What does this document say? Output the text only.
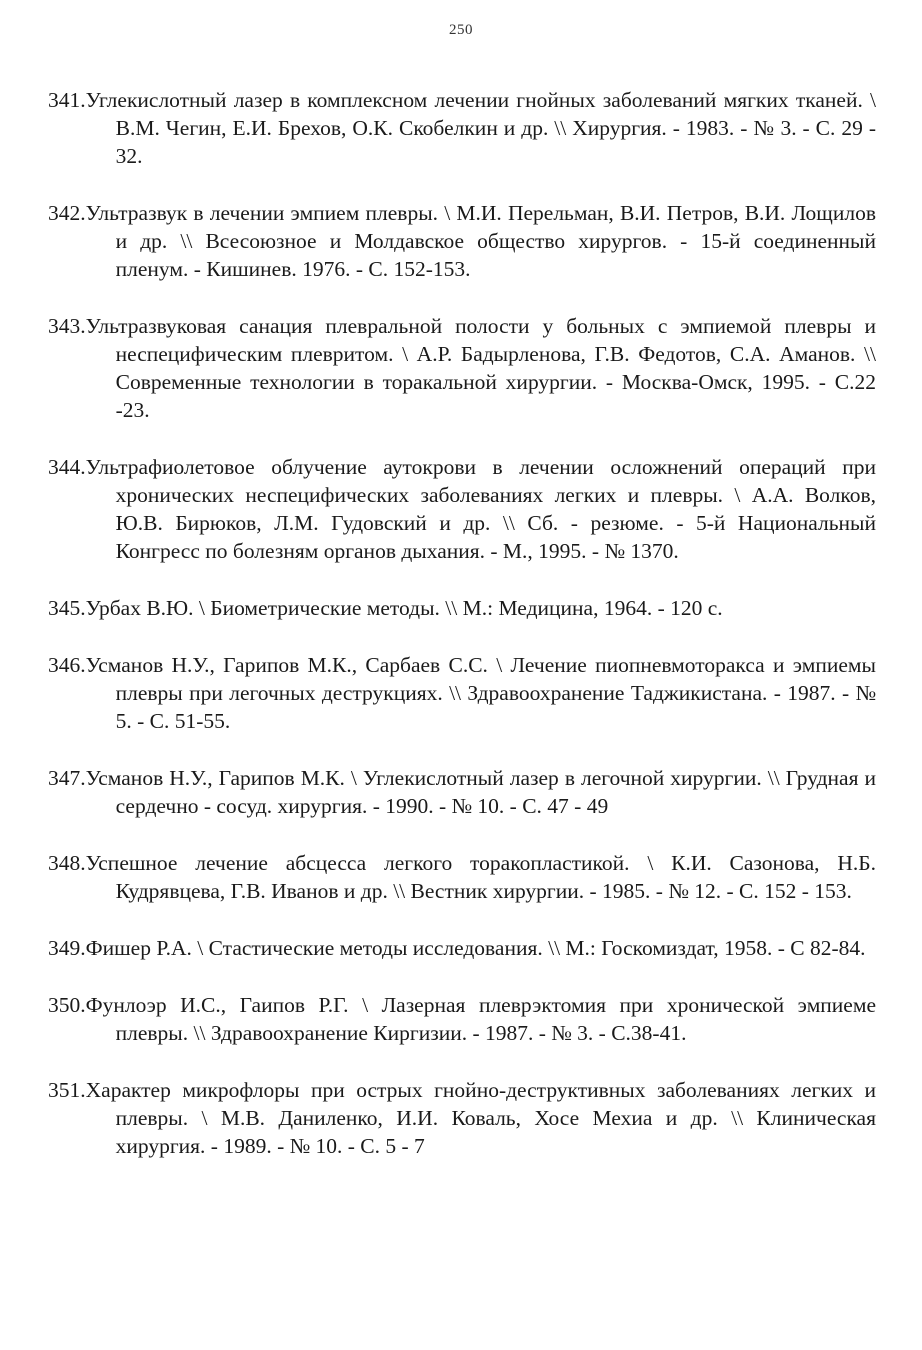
250
341 . Углекислотный лазер в комплексном лечении гнойных заболеваний мягких тканей. \ В.М. Чегин, Е.И. Брехов, О.К. Скобелкин и др. \\ Хирургия. - 1983. - № 3. - С. 29 - 32.
342 . Ультразвук в лечении эмпием плевры. \ М.И. Перельман, В.И. Петров, В.И. Лощилов и др. \\ Всесоюзное и Молдавское общество хирургов. - 15-й соединенный пленум. - Кишинев. 1976. - С. 152-153.
343 . Ультразвуковая санация плевральной полости у больных с эмпиемой плевры и неспецифическим плевритом. \ А.Р. Бадырленова, Г.В. Федотов, С.А. Аманов. \\ Современные технологии в торакальной хирургии. - Москва-Омск, 1995. - С.22 -23.
344 . Ультрафиолетовое облучение аутокрови в лечении осложнений операций при хронических неспецифических заболеваниях легких и плевры. \ А.А. Волков, Ю.В. Бирюков, Л.М. Гудовский и др. \\ Сб. - резюме. - 5-й Национальный Конгресс по болезням органов дыхания. - М., 1995. - № 1370.
345 . Урбах В.Ю. \ Биометрические методы. \\ М.: Медицина, 1964. - 120 с.
346 . Усманов Н.У., Гарипов М.К., Сарбаев С.С. \ Лечение пиопневмоторакса и эмпиемы плевры при легочных деструкциях. \\ Здравоохранение Таджикистана. - 1987. - № 5. - С. 51-55.
347 . Усманов Н.У., Гарипов М.К. \ Углекислотный лазер в легочной хирургии. \\ Грудная и сердечно - сосуд. хирургия. - 1990. - № 10. - С. 47 - 49
348 . Успешное лечение абсцесса легкого торакопластикой. \ К.И. Сазонова, Н.Б. Кудрявцева, Г.В. Иванов и др. \\ Вестник хирургии. - 1985. - № 12. - С. 152 - 153.
349 . Фишер Р.А. \ Стастические методы исследования. \\ М.: Госкомиздат, 1958. - С 82-84.
350 . Фунлоэр И.С., Гаипов Р.Г. \ Лазерная плеврэктомия при хронической эмпиеме плевры. \\ Здравоохранение Киргизии. - 1987. - № 3. - С.38-41.
351 . Характер микрофлоры при острых гнойно-деструктивных заболеваниях легких и плевры. \ М.В. Даниленко, И.И. Коваль, Хосе Мехиа и др. \\ Клиническая хирургия. - 1989. - № 10. - С. 5 - 7
